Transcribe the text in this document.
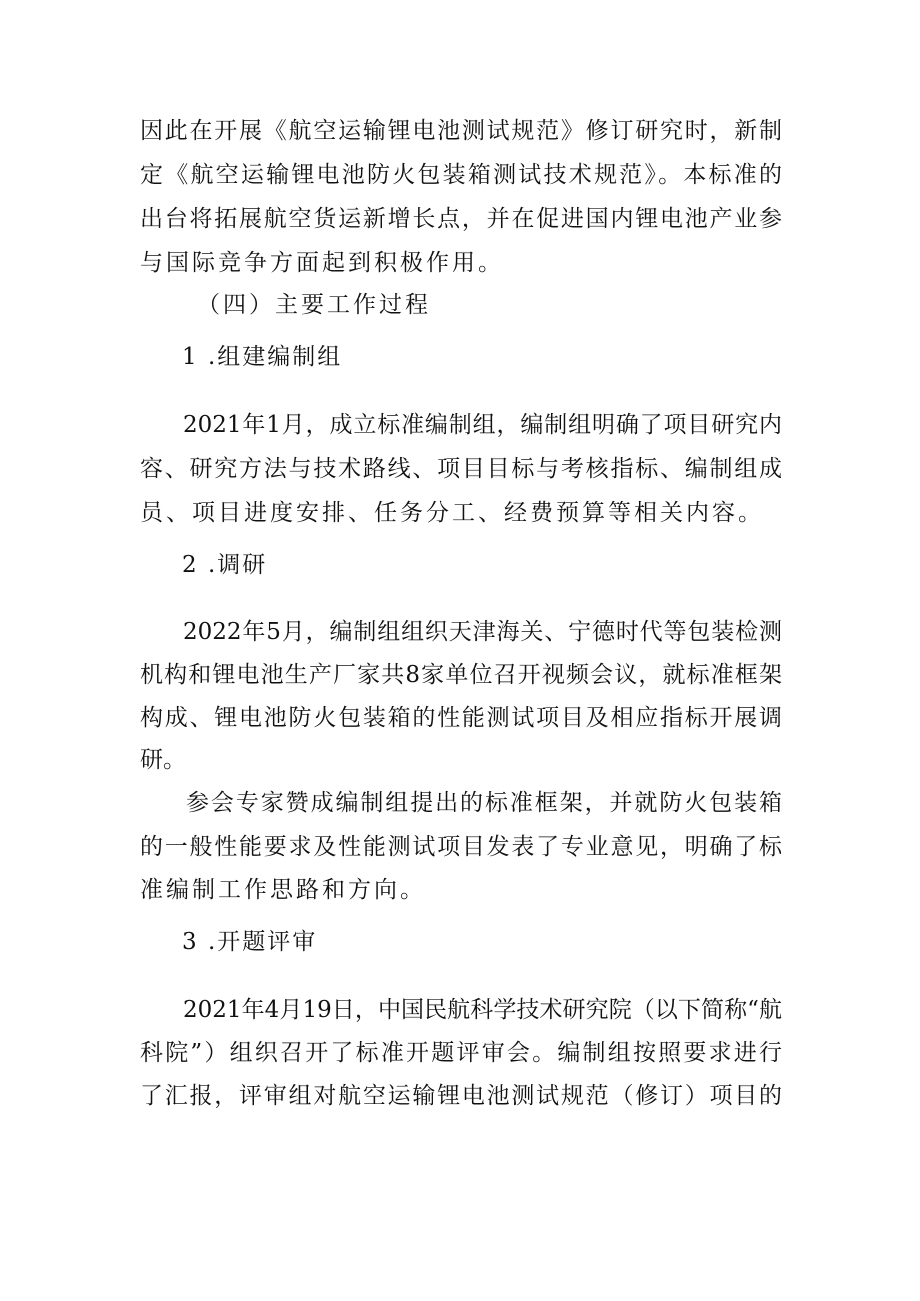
因此在开展《航空运输锂电池测试规范》修订研究时，新制
定《航空运输锂电池防火包装箱测试技术规范》。本标准的
出台将拓展航空货运新增长点，并在促进国内锂电池产业参
与国际竞争方面起到积极作用。
（四）主要工作过程
1 .组建编制组
2021年1月，成立标准编制组，编制组明确了项目研究内
容、研究方法与技术路线、项目目标与考核指标、编制组成
员、项目进度安排、任务分工、经费预算等相关内容。
2 .调研
2022年5月，编制组组织天津海关、宁德时代等包装检测
机构和锂电池生产厂家共8家单位召开视频会议，就标准框架
构成、锂电池防火包装箱的性能测试项目及相应指标开展调
研。
参会专家赞成编制组提出的标准框架，并就防火包装箱
的一般性能要求及性能测试项目发表了专业意见，明确了标
准编制工作思路和方向。
3 .开题评审
2021年4月19日，中国民航科学技术研究院（以下简称“航
科院”）组织召开了标准开题评审会。编制组按照要求进行
了汇报，评审组对航空运输锂电池测试规范（修订）项目的
